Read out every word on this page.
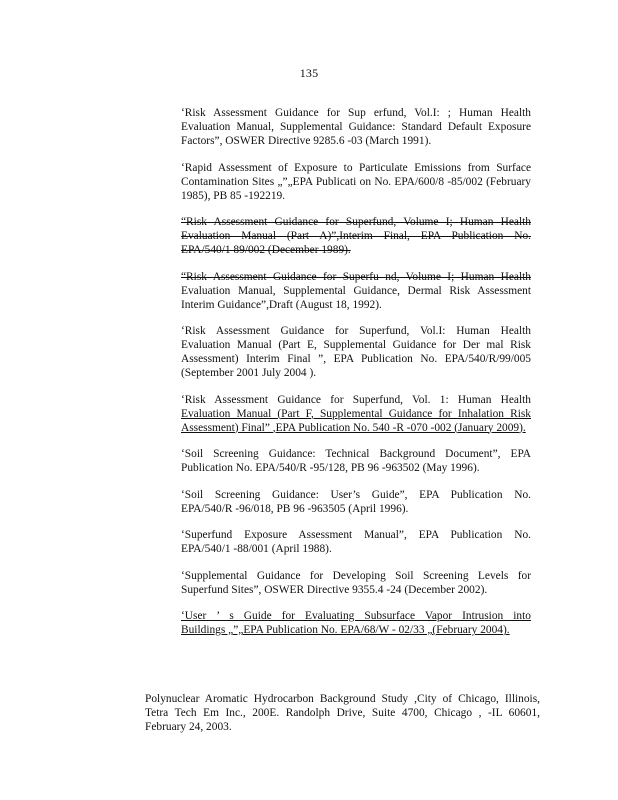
135
‘Risk Assessment Guidance for Sup erfund, Vol.I: ; Human Health
Evaluation Manual, Supplemental Guidance: Standard Default Exposure
Factors”, OSWER Directive 9285.6 -03 (March 1991).
‘Rapid Assessment of Exposure to Particulate Emissions from Surface
Contamination Sites „”„EPA Publicati on No. EPA/600/8 -85/002 (February
1985), PB 85 -192219.
“Risk Assessment Guidance for Superfund, Volume I; Human Health
Evaluation Manual (Part A)”,Interim Final, EPA Publication No.
EPA/540/1 89/002 (December 1989).
“Risk Assessment Guidance for Superfu nd, Volume I; Human Health
Evaluation Manual, Supplemental Guidance, Dermal Risk Assessment
Interim Guidance”,Draft (August 18, 1992).
‘Risk Assessment Guidance for Superfund, Vol.I: Human Health
Evaluation Manual (Part E, Supplemental Guidance for Der mal Risk
Assessment) Interim Final ”, EPA Publication No. EPA/540/R/99/005
(September 2001 July 2004 ).
‘Risk Assessment Guidance for Superfund, Vol. 1: Human Health
Evaluation Manual (Part F, Supplemental Guidance for Inhalation Risk
Assessment) Final” ,EPA Publication No. 540 -R -070 -002 (January 2009).
‘Soil Screening Guidance: Technical Background Document”, EPA
Publication No. EPA/540/R -95/128, PB 96 -963502 (May 1996).
‘Soil Screening Guidance: User’s Guide”, EPA Publication No.
EPA/540/R -96/018, PB 96 -963505 (April 1996).
‘Superfund Exposure Assessment Manual”, EPA Publication No.
EPA/540/1 -88/001 (April 1988).
‘Supplemental Guidance for Developing Soil Screening Levels for
Superfund Sites”, OSWER Directive 9355.4 -24 (December 2002).
‘User ’ s Guide for Evaluating Subsurface Vapor Intrusion into
Buildings „”„EPA Publication No. EPA/68/W - 02/33 „(February 2004).
Polynuclear Aromatic Hydrocarbon Background Study ,City of Chicago, Illinois,
Tetra Tech Em Inc., 200E. Randolph Drive, Suite 4700, Chicago , -IL 60601,
February 24, 2003.
